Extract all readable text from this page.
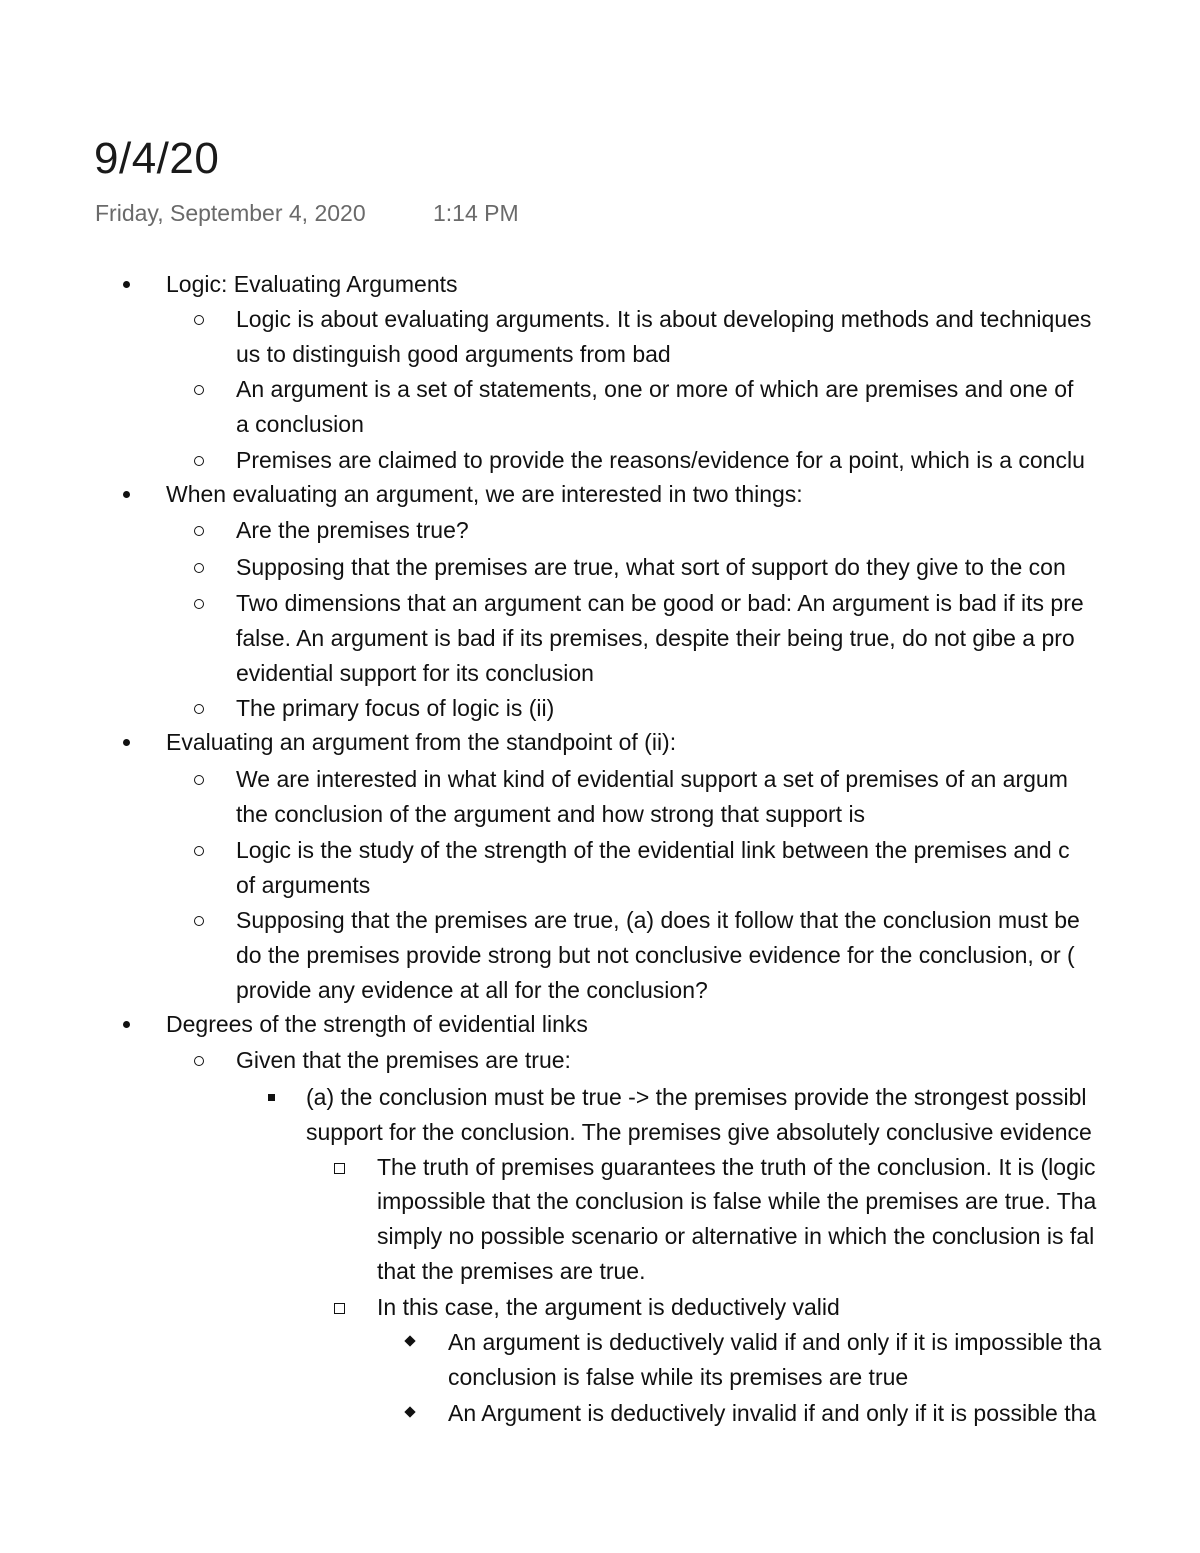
9/4/20
Friday, September 4, 2020	1:14 PM
Logic: Evaluating Arguments
Logic is about evaluating arguments. It is about developing methods and techniques
us to distinguish good arguments from bad
An argument is a set of statements, one or more of which are premises and one of
a conclusion
Premises are claimed to provide the reasons/evidence for a point, which is a conclu
When evaluating an argument, we are interested in two things:
Are the premises true?
Supposing that the premises are true, what sort of support do they give to the con
Two dimensions that an argument can be good or bad: An argument is bad if its pre
false. An argument is bad if its premises, despite their being true, do not gibe a pro
evidential support for its conclusion
The primary focus of logic is (ii)
Evaluating an argument from the standpoint of (ii):
We are interested in what kind of evidential support a set of premises of an argum
the conclusion of the argument and how strong that support is
Logic is the study of the strength of the evidential link between the premises and c
of arguments
Supposing that the premises are true, (a) does it follow that the conclusion must be
do the premises provide strong but not conclusive evidence for the conclusion, or (
provide any evidence at all for the conclusion?
Degrees of the strength of evidential links
Given that the premises are true:
(a) the conclusion must be true -> the premises provide the strongest possibl
support for the conclusion. The premises give absolutely conclusive evidence
The truth of premises guarantees the truth of the conclusion. It is (logic
impossible that the conclusion is false while the premises are true. Tha
simply no possible scenario or alternative in which the conclusion is fal
that the premises are true.
In this case, the argument is deductively valid
An argument is deductively valid if and only if it is impossible tha
conclusion is false while its premises are true
An Argument is deductively invalid if and only if it is possible tha
